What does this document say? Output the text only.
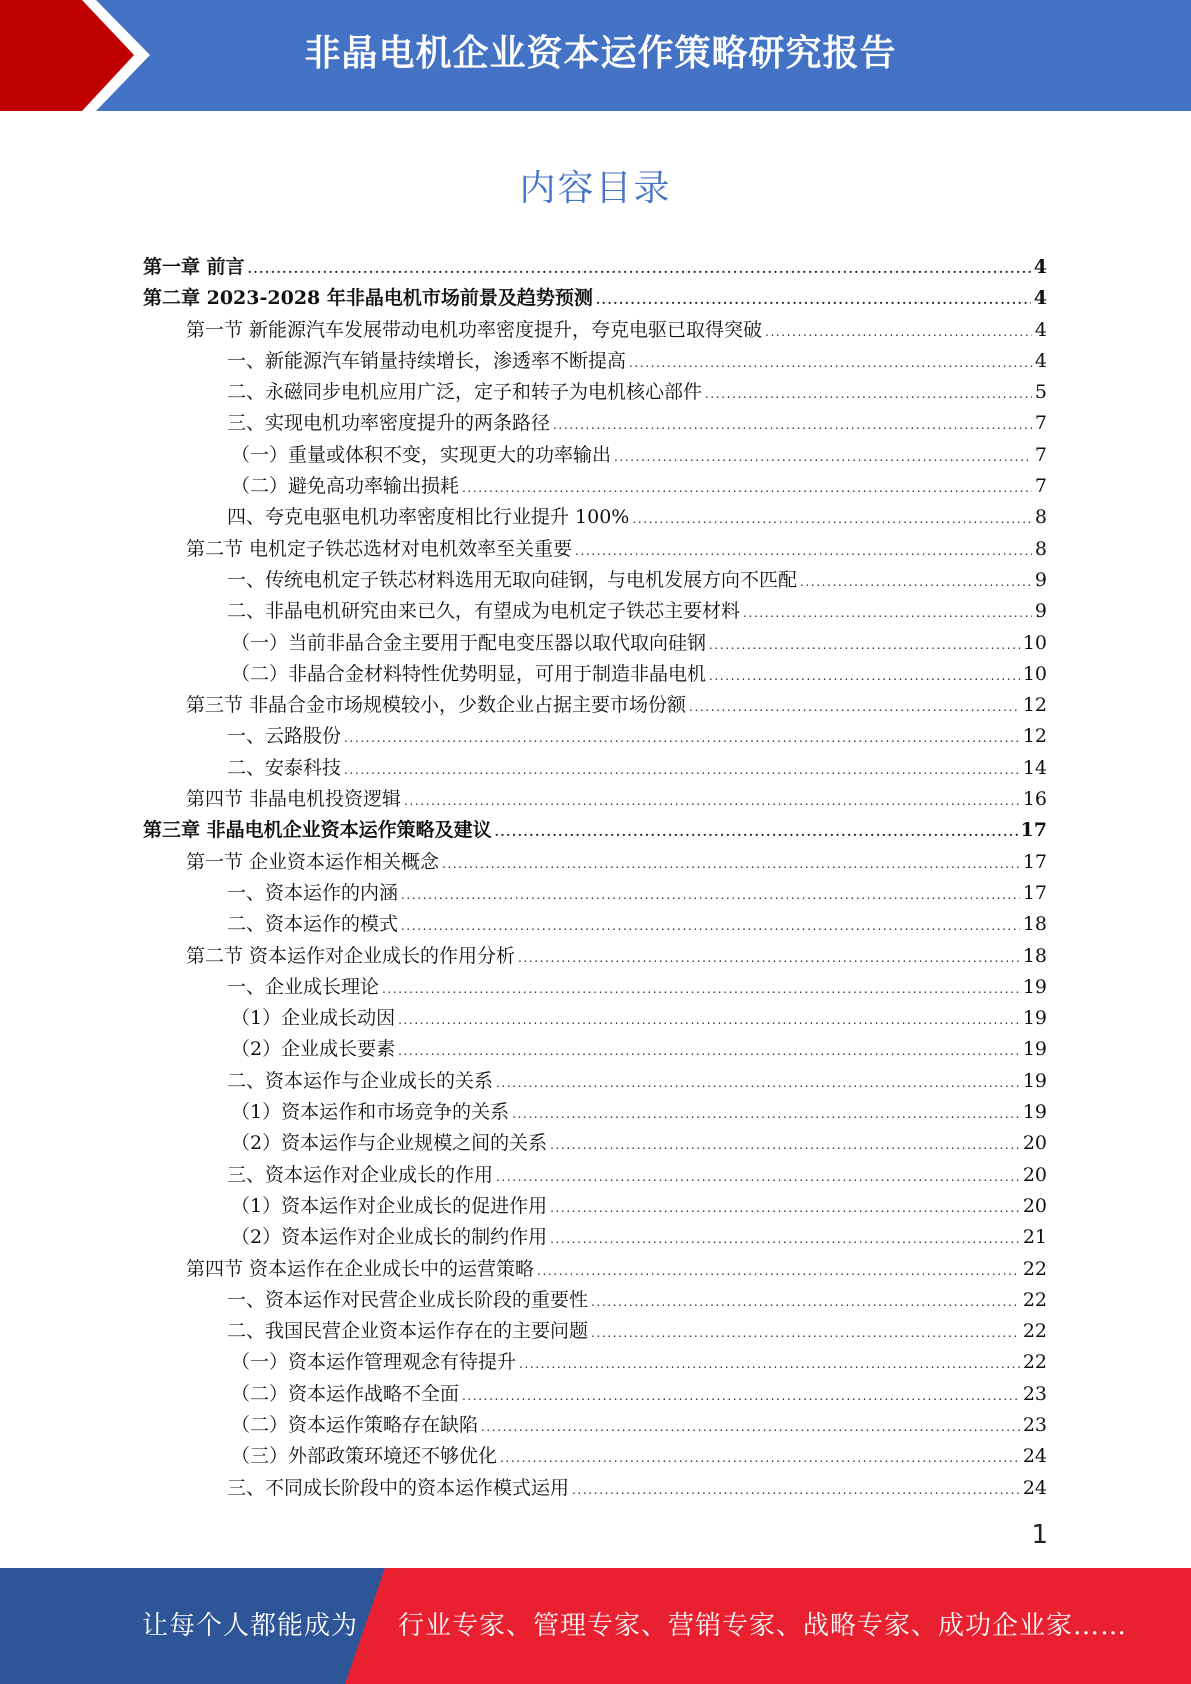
非晶电机企业资本运作策略研究报告
内容目录
第一章 前言 .....	4
第二章 2023-2028 年非晶电机市场前景及趋势预测 .....	4
第一节 新能源汽车发展带动电机功率密度提升，夸克电驱已取得突破 .....	4
一、新能源汽车销量持续增长，渗透率不断提高 .....	4
二、永磁同步电机应用广泛，定子和转子为电机核心部件 .....	5
三、实现电机功率密度提升的两条路径 .....	7
（一）重量或体积不变，实现更大的功率输出 .....	7
（二）避免高功率输出损耗 .....	7
四、夸克电驱电机功率密度相比行业提升 100% .....	8
第二节 电机定子铁芯选材对电机效率至关重要 .....	8
一、传统电机定子铁芯材料选用无取向硅钢，与电机发展方向不匹配 .....	9
二、非晶电机研究由来已久，有望成为电机定子铁芯主要材料 .....	9
（一）当前非晶合金主要用于配电变压器以取代取向硅钢 .....	10
（二）非晶合金材料特性优势明显，可用于制造非晶电机 .....	10
第三节 非晶合金市场规模较小，少数企业占据主要市场份额 .....	12
一、云路股份 .....	12
二、安泰科技 .....	14
第四节 非晶电机投资逻辑 .....	16
第三章 非晶电机企业资本运作策略及建议 .....	17
第一节 企业资本运作相关概念 .....	17
一、资本运作的内涵 .....	17
二、资本运作的模式 .....	18
第二节 资本运作对企业成长的作用分析 .....	18
一、企业成长理论 .....	19
（1）企业成长动因 .....	19
（2）企业成长要素 .....	19
二、资本运作与企业成长的关系 .....	19
（1）资本运作和市场竞争的关系 .....	19
（2）资本运作与企业规模之间的关系 .....	20
三、资本运作对企业成长的作用 .....	20
（1）资本运作对企业成长的促进作用 .....	20
（2）资本运作对企业成长的制约作用 .....	21
第四节 资本运作在企业成长中的运营策略 .....	22
一、资本运作对民营企业成长阶段的重要性 .....	22
二、我国民营企业资本运作存在的主要问题 .....	22
（一）资本运作管理观念有待提升 .....	22
（二）资本运作战略不全面 .....	23
（二）资本运作策略存在缺陷 .....	23
（三）外部政策环境还不够优化 .....	24
三、不同成长阶段中的资本运作模式运用 .....	24
1
让每个人都能成为 行业专家、管理专家、营销专家、战略专家、成功企业家……
